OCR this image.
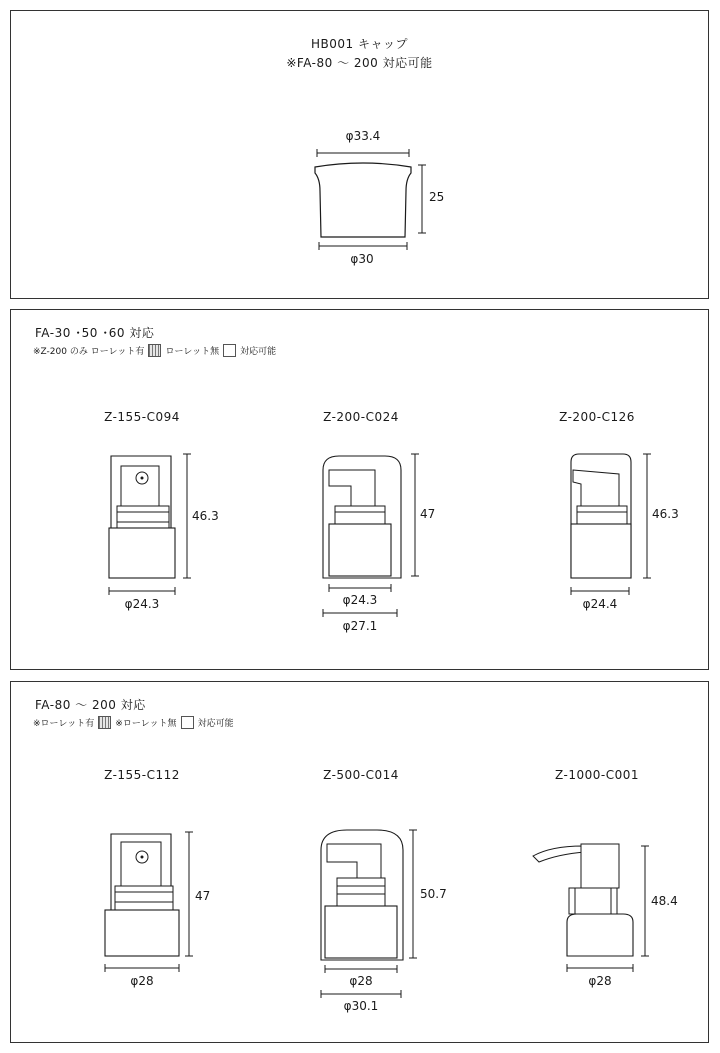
HB001 キャップ
※FA-80 ～ 200 対応可能
φ33.4
25
φ30
FA-30 ･50 ･60 対応
※Z-200 のみ ローレット有 ローレット無 対応可能
Z-155-C094	Z-200-C024	Z-200-C126
46.3
φ24.3
47
φ24.3
φ27.1
46.3
φ24.4
FA-80 ～ 200 対応
※ローレット有 ※ローレット無 対応可能
Z-155-C112	Z-500-C014	Z-1000-C001
47
φ28
50.7
φ28
φ30.1
48.4
φ28
